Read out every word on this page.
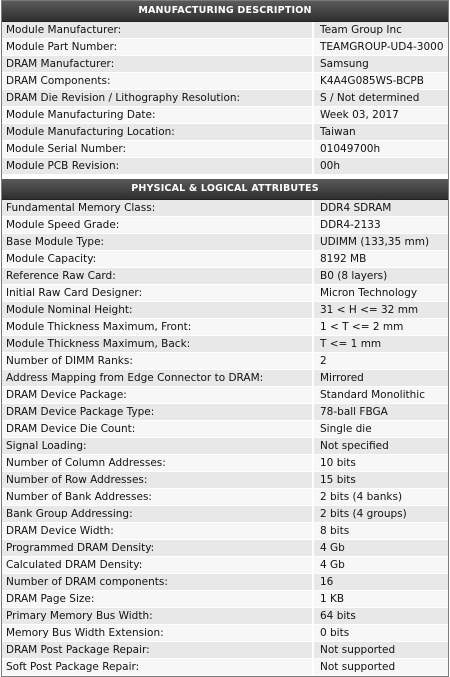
MANUFACTURING DESCRIPTION
Module Manufacturer:	Team Group Inc
Module Part Number:	TEAMGROUP-UD4-3000
DRAM Manufacturer:	Samsung
DRAM Components:	K4A4G085WS-BCPB
DRAM Die Revision / Lithography Resolution:	S / Not determined
Module Manufacturing Date:	Week 03, 2017
Module Manufacturing Location:	Taiwan
Module Serial Number:	01049700h
Module PCB Revision:	00h
PHYSICAL & LOGICAL ATTRIBUTES
Fundamental Memory Class:	DDR4 SDRAM
Module Speed Grade:	DDR4-2133
Base Module Type:	UDIMM (133,35 mm)
Module Capacity:	8192 MB
Reference Raw Card:	B0 (8 layers)
Initial Raw Card Designer:	Micron Technology
Module Nominal Height:	31 < H <= 32 mm
Module Thickness Maximum, Front:	1 < T <= 2 mm
Module Thickness Maximum, Back:	T <= 1 mm
Number of DIMM Ranks:	2
Address Mapping from Edge Connector to DRAM:	Mirrored
DRAM Device Package:	Standard Monolithic
DRAM Device Package Type:	78-ball FBGA
DRAM Device Die Count:	Single die
Signal Loading:	Not specified
Number of Column Addresses:	10 bits
Number of Row Addresses:	15 bits
Number of Bank Addresses:	2 bits (4 banks)
Bank Group Addressing:	2 bits (4 groups)
DRAM Device Width:	8 bits
Programmed DRAM Density:	4 Gb
Calculated DRAM Density:	4 Gb
Number of DRAM components:	16
DRAM Page Size:	1 KB
Primary Memory Bus Width:	64 bits
Memory Bus Width Extension:	0 bits
DRAM Post Package Repair:	Not supported
Soft Post Package Repair:	Not supported
